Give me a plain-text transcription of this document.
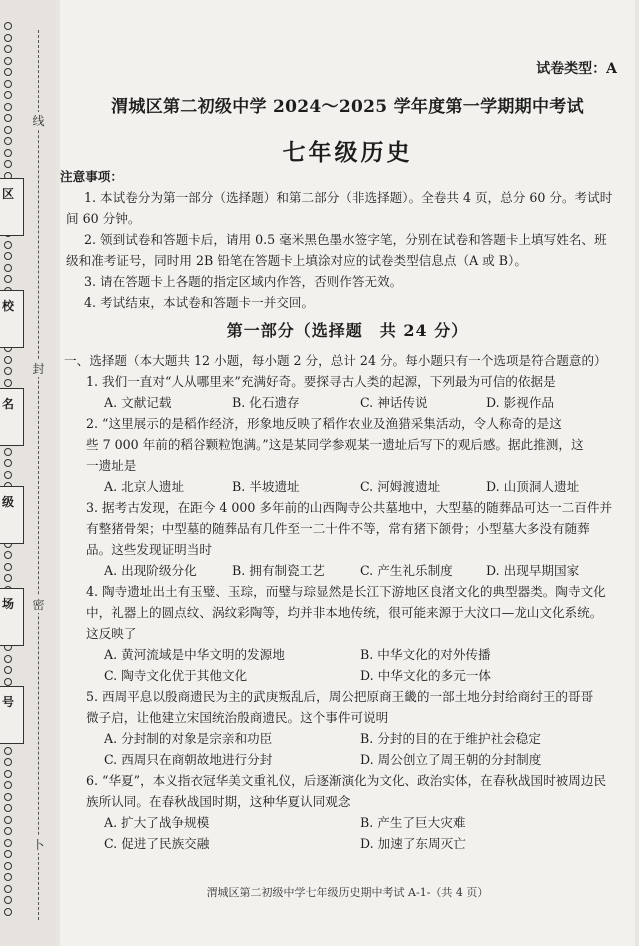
线
封
密
卜
区
校
名
级
场
号
试卷类型：A
渭城区第二初级中学 2024～2025 学年度第一学期期中考试
七年级历史
注意事项：
1. 本试卷分为第一部分（选择题）和第二部分（非选择题）。全卷共 4 页，总分 60 分。考试时
间 60 分钟。
2. 领到试卷和答题卡后，请用 0.5 毫米黑色墨水签字笔，分别在试卷和答题卡上填写姓名、班
级和准考证号，同时用 2B 铅笔在答题卡上填涂对应的试卷类型信息点（A 或 B）。
3. 请在答题卡上各题的指定区域内作答，否则作答无效。
4. 考试结束，本试卷和答题卡一并交回。
第一部分（选择题　共 24 分）
一、选择题（本大题共 12 小题，每小题 2 分，总计 24 分。每小题只有一个选项是符合题意的）
1. 我们一直对“人从哪里来”充满好奇。要探寻古人类的起源，下列最为可信的依据是
A. 文献记载	B. 化石遗存	C. 神话传说	D. 影视作品
2. “这里展示的是稻作经济，形象地反映了稻作农业及渔猎采集活动，令人称奇的是这
些 7 000 年前的稻谷颗粒饱满。”这是某同学参观某一遗址后写下的观后感。据此推测，这
一遗址是
A. 北京人遗址	B. 半坡遗址	C. 河姆渡遗址	D. 山顶洞人遗址
3. 据考古发现，在距今 4 000 多年前的山西陶寺公共墓地中，大型墓的随葬品可达一二百件并
有整猪骨架；中型墓的随葬品有几件至一二十件不等，常有猪下颌骨；小型墓大多没有随葬
品。这些发现证明当时
A. 出现阶级分化	B. 拥有制瓷工艺	C. 产生礼乐制度	D. 出现早期国家
4. 陶寺遗址出土有玉璧、玉琮，而璧与琮显然是长江下游地区良渚文化的典型器类。陶寺文化
中，礼器上的圆点纹、涡纹彩陶等，均并非本地传统，很可能来源于大汶口—龙山文化系统。
这反映了
A. 黄河流域是中华文明的发源地	B. 中华文化的对外传播
C. 陶寺文化优于其他文化	D. 中华文化的多元一体
5. 西周平息以殷商遗民为主的武庚叛乱后，周公把原商王畿的一部土地分封给商纣王的哥哥
微子启，让他建立宋国统治殷商遗民。这个事件可说明
A. 分封制的对象是宗亲和功臣	B. 分封的目的在于维护社会稳定
C. 西周只在商朝故地进行分封	D. 周公创立了周王朝的分封制度
6. “华夏”，本义指衣冠华美文重礼仪，后逐渐演化为文化、政治实体，在春秋战国时被周边民
族所认同。在春秋战国时期，这种华夏认同观念
A. 扩大了战争规模	B. 产生了巨大灾难
C. 促进了民族交融	D. 加速了东周灭亡
渭城区第二初级中学七年级历史期中考试 A-1-（共 4 页）
